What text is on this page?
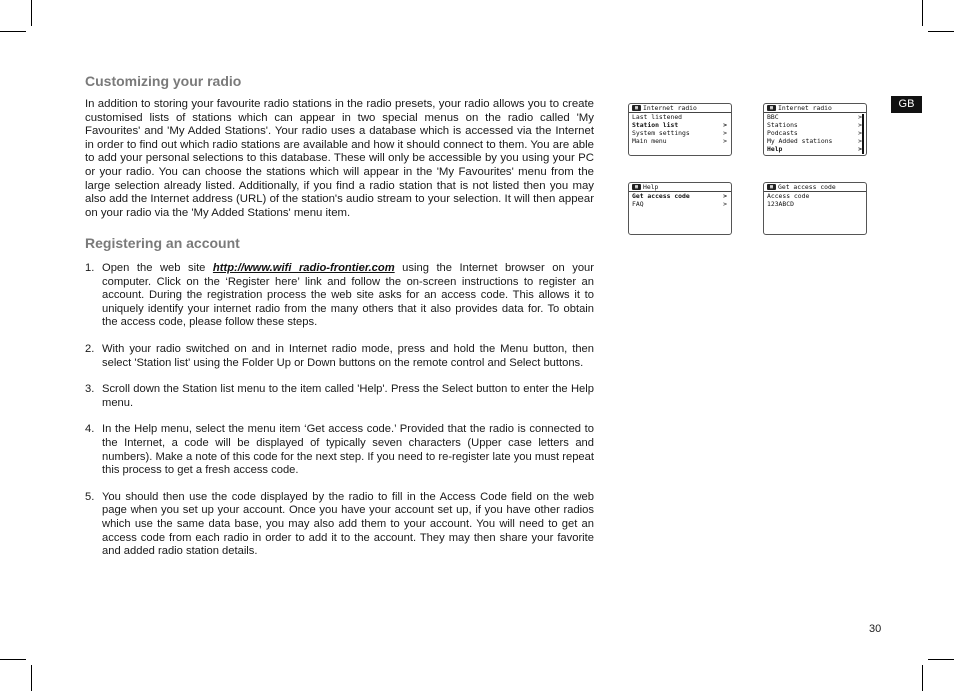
Customizing your radio

In addition to storing your favourite radio stations in the radio presets, your radio allows you to create customised lists of stations which can appear in two special menus on the radio called 'My Favourites' and 'My Added Stations'. Your radio uses a database which is accessed via the Internet in order to find out which radio stations are available and how it should connect to them. You are able to add your personal selections to this database. These will only be accessible by you using your PC or your radio. You can choose the stations which will appear in the 'My Favourites' menu from the large selection already listed. Additionally, if you find a radio station that is not listed then you may also add the Internet address (URL) of the station's audio stream to your selection. It will then appear on your radio via the 'My Added Stations' menu item.

Registering an account
1. Open the web site http://www.wifi radio-frontier.com using the Internet browser on your computer. Click on the ‘Register here’ link and follow the on-screen instructions to register an account. During the registration process the web site asks for an access code. This allows it to uniquely identify your internet radio from the many others that it also provides data for. To obtain the access code, please follow these steps.
2. With your radio switched on and in Internet radio mode, press and hold the Menu button, then select 'Station list' using the Folder Up or Down buttons on the remote control and Select buttons.
3. Scroll down the Station list menu to the item called 'Help'. Press the Select button to enter the Help menu.
4. In the Help menu, select the menu item ‘Get access code.’ Provided that the radio is connected to the Internet, a code will be displayed of typically seven characters (Upper case letters and numbers). Make a note of this code for the next step. If you need to re-register late you must repeat this process to get a fresh access code.
5. You should then use the code displayed by the radio to fill in the Access Code field on the web page when you set up your account. Once you have your account set up, if you have other radios which use the same data base, you may also add them to your account. You will need to get an access code from each radio in order to add it to the account. They may then share your favorite and added radio station details.
▦ Internet radio
Last listened
Station list	>
System settings	>
Main menu	>
▦ Internet radio
BBC	>
Stations	>
Podcasts	>
My Added stations	>
Help	>
▦ Help
Get access code	>
FAQ	>
▦ Get access code
Access code
123ABCD
GB
30
